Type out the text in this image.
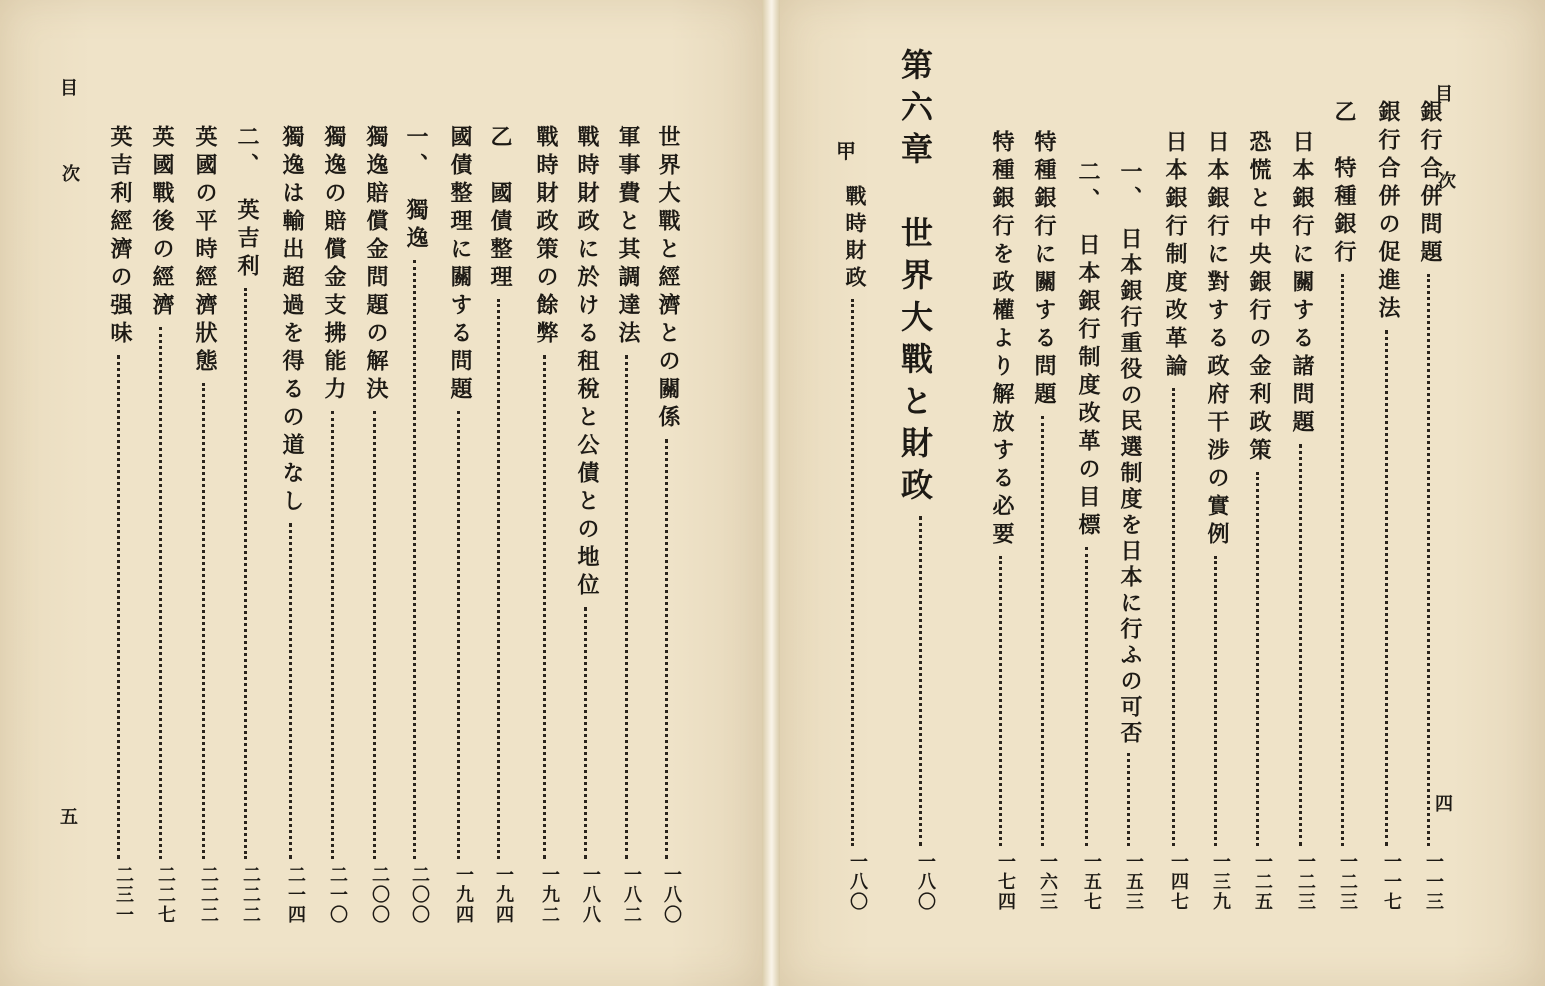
目
次
五
世界大戰と經濟との關係
一八〇
軍事費と其調達法
一八二
戰時財政に於ける租稅と公債との地位
一八八
戰時財政策の餘弊
一九二
乙　國債整理
一九四
國債整理に關する問題
一九四
一、　獨逸
二〇〇
獨逸賠償金問題の解決
二〇〇
獨逸の賠償金支拂能力
二一〇
獨逸は輸出超過を得るの道なし
二一四
二、　英吉利
二二二
英國の平時經濟狀態
二二二
英國戰後の經濟
二二七
英吉利經濟の强味
二三一
目
次
四
銀行合併問題
一一三
銀行合併の促進法
一一七
乙　特種銀行
一二三
日本銀行に關する諸問題
一二三
恐慌と中央銀行の金利政策
一二五
日本銀行に對する政府干涉の實例
一三九
日本銀行制度改革論
一四七
一、　日本銀行重役の民選制度を日本に行ふの可否
一五三
二、　日本銀行制度改革の目標
一五七
特種銀行に關する問題
一六三
特種銀行を政權より解放する必要
一七四
第六章　世界大戰と財政
一八〇
甲
戰時財政
一八〇
